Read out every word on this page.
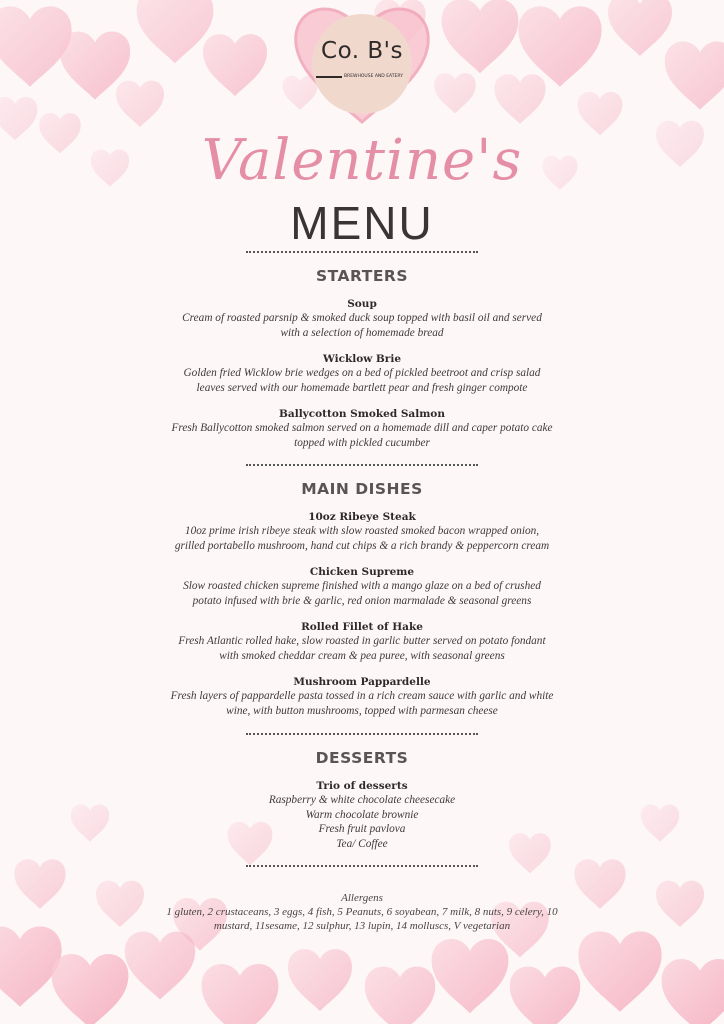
Co. B's
BREWHOUSE AND EATERY
Valentine's
MENU
STARTERS
Soup
Cream of roasted parsnip & smoked duck soup topped with basil oil and served
with a selection of homemade bread
Wicklow Brie
Golden fried Wicklow brie wedges on a bed of pickled beetroot and crisp salad
leaves served with our homemade bartlett pear and fresh ginger compote
Ballycotton Smoked Salmon
Fresh Ballycotton smoked salmon served on a homemade dill and caper potato cake
topped with pickled cucumber
MAIN DISHES
10oz Ribeye Steak
10oz prime irish ribeye steak with slow roasted smoked bacon wrapped onion,
grilled portabello mushroom, hand cut chips & a rich brandy & peppercorn cream
Chicken Supreme
Slow roasted chicken supreme finished with a mango glaze on a bed of crushed
potato infused with brie & garlic, red onion marmalade & seasonal greens
Rolled Fillet of Hake
Fresh Atlantic rolled hake, slow roasted in garlic butter served on potato fondant
with smoked cheddar cream & pea puree, with seasonal greens
Mushroom Pappardelle
Fresh layers of pappardelle pasta tossed in a rich cream sauce with garlic and white
wine, with button mushrooms, topped with parmesan cheese
DESSERTS
Trio of desserts
Raspberry & white chocolate cheesecake
Warm chocolate brownie
Fresh fruit pavlova
Tea/ Coffee
Allergens
1 gluten, 2 crustaceans, 3 eggs, 4 fish, 5 Peanuts, 6 soyabean, 7 milk, 8 nuts, 9 celery, 10
mustard, 11sesame, 12 sulphur, 13 lupin, 14 molluscs, V vegetarian
